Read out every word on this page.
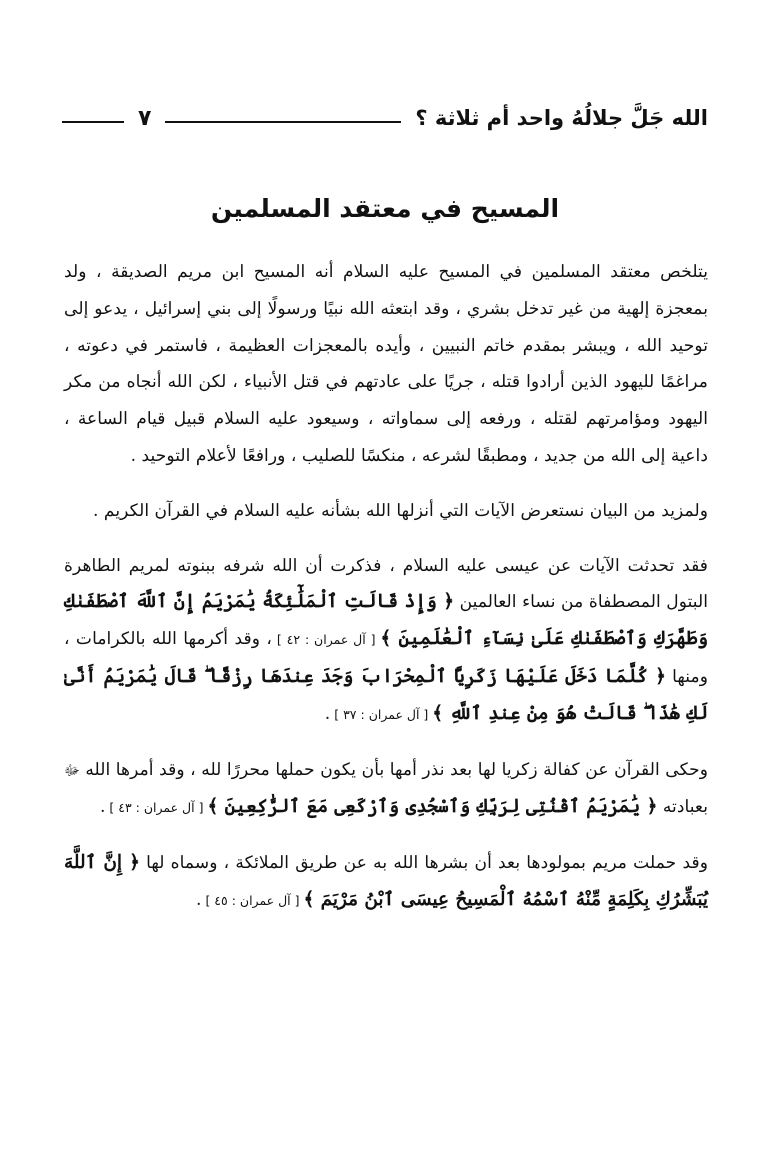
الله جَلَّ جلالُهُ واحد أم ثلاثة ؟
٧
المسيح في معتقد المسلمين

يتلخص معتقد المسلمين في المسيح عليه السلام أنه المسيح ابن مريم الصديقة ، ولد بمعجزة إلهية من غير تدخل بشري ، وقد ابتعثه الله نبيًا ورسولًا إلى بني إسرائيل ، يدعو إلى توحيد الله ، ويبشر بمقدم خاتم النبيين ، وأيده بالمعجزات العظيمة ، فاستمر في دعوته ، مراغمًا لليهود الذين أرادوا قتله ، جريًا على عادتهم في قتل الأنبياء ، لكن الله أنجاه من مكر اليهود ومؤامرتهم لقتله ، ورفعه إلى سماواته ، وسيعود عليه السلام قبيل قيام الساعة ، داعية إلى الله من جديد ، ومطبقًا لشرعه ، منكسًا للصليب ، ورافعًا لأعلام التوحيد .

ولمزيد من البيان نستعرض الآيات التي أنزلها الله بشأنه عليه السلام في القرآن الكريم .

فقد تحدثت الآيات عن عيسى عليه السلام ، فذكرت أن الله شرفه ببنوته لمريم الطاهرة البتول المصطفاة من نساء العالمين ﴿ وَإِذْ قَالَتِ ٱلْمَلَٰٓئِكَةُ يَٰمَرْيَمُ إِنَّ ٱللَّهَ ٱصْطَفَىٰكِ وَطَهَّرَكِ وَٱصْطَفَىٰكِ عَلَىٰ نِسَآءِ ٱلْعَٰلَمِينَ ﴾ [ آل عمران : ٤٢ ] ، وقد أكرمها الله بالكرامات ، ومنها ﴿ كُلَّمَا دَخَلَ عَلَيْهَا زَكَرِيَّا ٱلْمِحْرَابَ وَجَدَ عِندَهَا رِزْقًا ۖ قَالَ يَٰمَرْيَمُ أَنَّىٰ لَكِ هَٰذَا ۖ قَالَتْ هُوَ مِنْ عِندِ ٱللَّهِ ﴾ [ آل عمران : ٣٧ ] .

وحكى القرآن عن كفالة زكريا لها بعد نذر أمها بأن يكون حملها محررًا لله ، وقد أمرها الله ﷻ بعبادته ﴿ يَٰمَرْيَمُ ٱقْنُتِى لِرَبِّكِ وَٱسْجُدِى وَٱرْكَعِى مَعَ ٱلرَّٰكِعِينَ ﴾ [ آل عمران : ٤٣ ] .

وقد حملت مريم بمولودها بعد أن بشرها الله به عن طريق الملائكة ، وسماه لها ﴿ إِنَّ ٱللَّهَ يُبَشِّرُكِ بِكَلِمَةٍ مِّنْهُ ٱسْمُهُ ٱلْمَسِيحُ عِيسَى ٱبْنُ مَرْيَمَ ﴾ [ آل عمران : ٤٥ ] .
